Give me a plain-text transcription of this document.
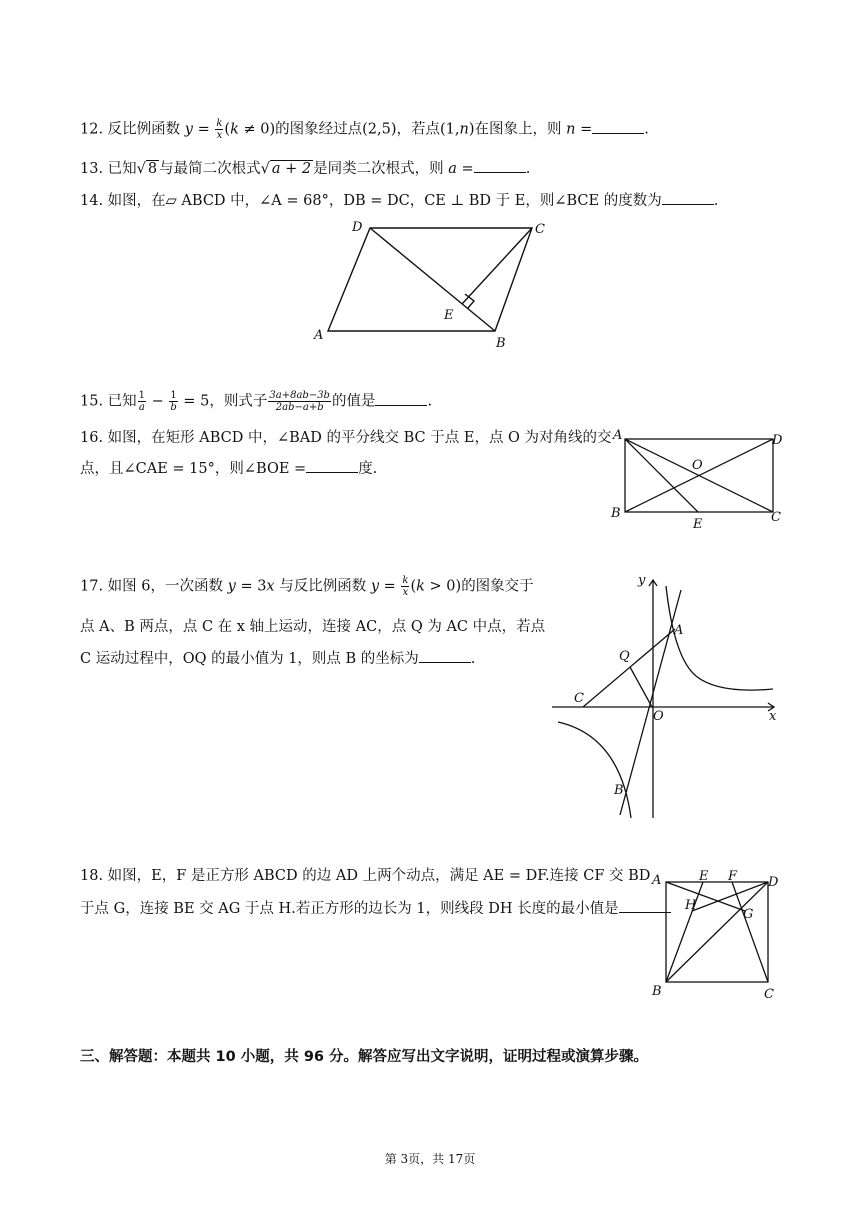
12. 反比例函数 $y = \frac{k}{x} (k \ne 0)$的图象经过点(2,5)，若点(1,n)在图象上，则 n =	.
13. 已知√ 8 与最简二次根式√ a + 2 是同类二次根式，则 a =	.
14. 如图，在▱ ABCD 中，∠A = 68°，DB = DC，CE ⊥ BD 于 E，则∠BCE 的度数为	.
A
B
C
D
E
15. 已知 $\frac{1}{a} - \frac{1}{b} = 5$，则式子 $\frac{3a+8ab-3b}{2ab-a+b}$ 的值是	.
16. 如图，在矩形 ABCD 中，∠BAD 的平分线交 BC 于点 E，点 O 为对角线的交
点，且∠CAE = 15°，则∠BOE =	度.
A
B	C
D
E
O
17. 如图 6，一次函数 y = 3x 与反比例函数 $y = \frac{k}{x} (k > 0)$的图象交于
点 A、B 两点，点 C 在 x 轴上运动，连接 AC，点 Q 为 AC 中点，若点
C 运动过程中，OQ 的最小值为 1，则点 B 的坐标为	.
y
x
A
B
C
Q
O
18. 如图，E，F 是正方形 ABCD 的边 AD 上两个动点，满足 AE = DF.连接 CF 交 BD
于点 G，连接 BE 交 AG 于点 H.若正方形的边长为 1，则线段 DH 长度的最小值是
A
B	C
D
E F
G
H
三、解答题：本题共 10 小题，共 96 分。解答应写出文字说明，证明过程或演算步骤。
第 3页，共 17页
